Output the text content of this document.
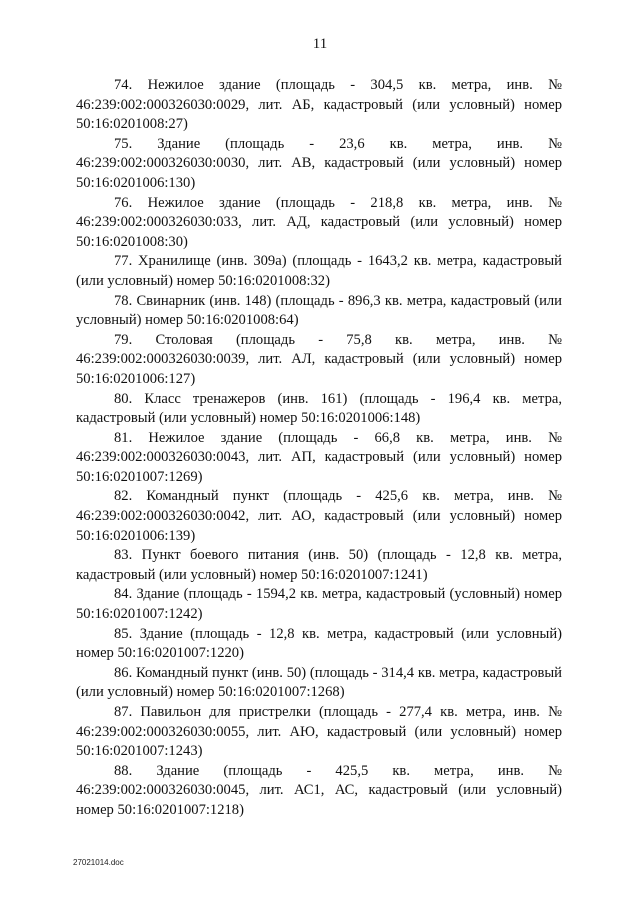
11

74. Нежилое здание (площадь - 304,5 кв. метра, инв. № 46:239:002:000326030:0029, лит. АБ, кадастровый (или условный) номер 50:16:0201008:27)

75. Здание (площадь - 23,6 кв. метра, инв. № 46:239:002:000326030:0030, лит. АВ, кадастровый (или условный) номер 50:16:0201006:130)

76. Нежилое здание (площадь - 218,8 кв. метра, инв. № 46:239:002:000326030:033, лит. АД, кадастровый (или условный) номер 50:16:0201008:30)

77. Хранилище (инв. 309а) (площадь - 1643,2 кв. метра, кадастровый (или условный) номер 50:16:0201008:32)

78. Свинарник (инв. 148) (площадь - 896,3 кв. метра, кадастровый (или условный) номер 50:16:0201008:64)

79. Столовая (площадь - 75,8 кв. метра, инв. № 46:239:002:000326030:0039, лит. АЛ, кадастровый (или условный) номер 50:16:0201006:127)

80. Класс тренажеров (инв. 161) (площадь - 196,4 кв. метра, кадастровый (или условный) номер 50:16:0201006:148)

81. Нежилое здание (площадь - 66,8 кв. метра, инв. № 46:239:002:000326030:0043, лит. АП, кадастровый (или условный) номер 50:16:0201007:1269)

82. Командный пункт (площадь - 425,6 кв. метра, инв. № 46:239:002:000326030:0042, лит. АО, кадастровый (или условный) номер 50:16:0201006:139)

83. Пункт боевого питания (инв. 50) (площадь - 12,8 кв. метра, кадастровый (или условный) номер 50:16:0201007:1241)

84. Здание (площадь - 1594,2 кв. метра, кадастровый (условный) номер 50:16:0201007:1242)

85. Здание (площадь - 12,8 кв. метра, кадастровый (или условный) номер 50:16:0201007:1220)

86. Командный пункт (инв. 50) (площадь - 314,4 кв. метра, кадастровый (или условный) номер 50:16:0201007:1268)

87. Павильон для пристрелки (площадь - 277,4 кв. метра, инв. № 46:239:002:000326030:0055, лит. АЮ, кадастровый (или условный) номер 50:16:0201007:1243)

88. Здание (площадь - 425,5 кв. метра, инв. № 46:239:002:000326030:0045, лит. АС1, АС, кадастровый (или условный) номер 50:16:0201007:1218)

27021014.doc
